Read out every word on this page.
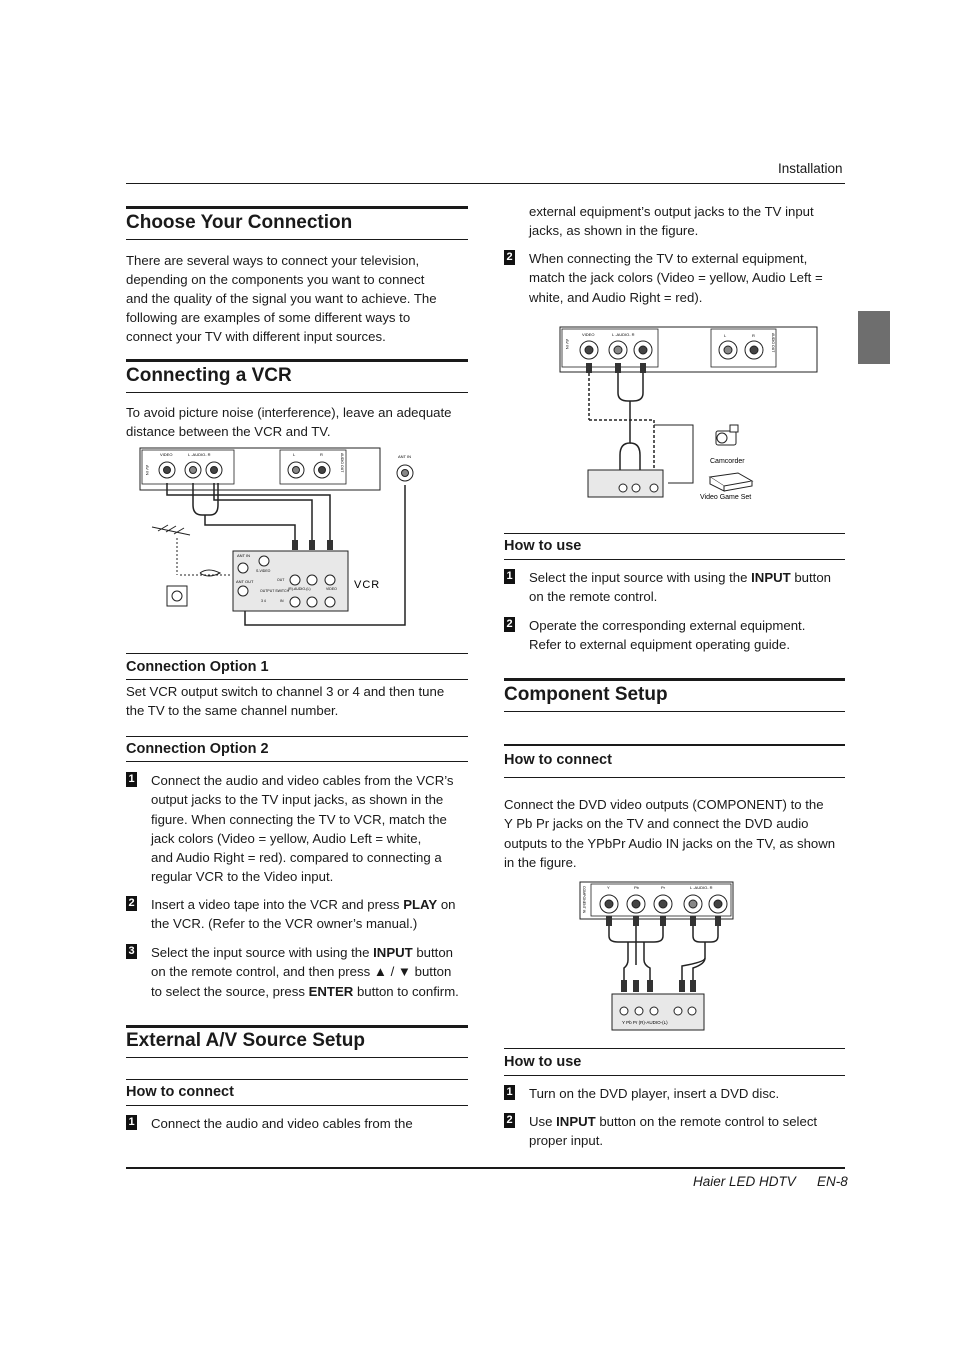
Installation
Choose Your Connection
There are several ways to connect your television,
depending on the components you want to connect
and the quality of the signal you want to achieve. The
following are examples of some different ways to
connect your TV with different input sources.
Connecting a VCR
To avoid picture noise (interference), leave an adequate
distance between the VCR and TV.
AV IN
VIDEO	L -AUDIO- R	L	R	AUDIO OUT	ANT IN
ANT IN
ANT OUT
S-VIDEO
OUT
IN
(R)-AUDIO-(L)	VIDEO
OUTPUT SWITCH
3 4
VCR
Connection Option 1
Set VCR output switch to channel 3 or 4 and then tune
the TV to the same channel number.
Connection Option 2
1 Connect the audio and video cables from the VCR’s
output jacks to the TV input jacks, as shown in the
figure. When connecting the TV to VCR, match the
jack colors (Video = yellow, Audio Left = white,
and Audio Right = red). compared to connecting a
regular VCR to the Video input.
2 Insert a video tape into the VCR and press PLAY on
the VCR. (Refer to the VCR owner’s manual.)
3 Select the input source with using the INPUT button
on the remote control, and then press ▲ / ▼ button
to select the source, press ENTER button to confirm.
External A/V Source Setup
How to connect
1 Connect the audio and video cables from the
external equipment’s output jacks to the TV input
jacks, as shown in the figure.
2 When connecting the TV to external equipment,
match the jack colors (Video = yellow, Audio Left =
white, and Audio Right = red).
AV IN
VIDEO	L -AUDIO- R	L	R	AUDIO OUT
Camcorder
Video Game Set
How to use
1 Select the input source with using the INPUT button
on the remote control.
2 Operate the corresponding external equipment.
Refer to external equipment operating guide.
Component Setup
How to connect
Connect the DVD video outputs (COMPONENT) to the
Y Pb Pr jacks on the TV and connect the DVD audio
outputs to the YPbPr Audio IN jacks on the TV, as shown
in the figure.
COMPONENT IN	Y	Pb	Pr	L -AUDIO- R
Y Pb Pr (R)-AUDIO-(L)
How to use
1 Turn on the DVD player, insert a DVD disc.
2 Use INPUT button on the remote control to select
proper input.
Haier LED HDTV EN-8
